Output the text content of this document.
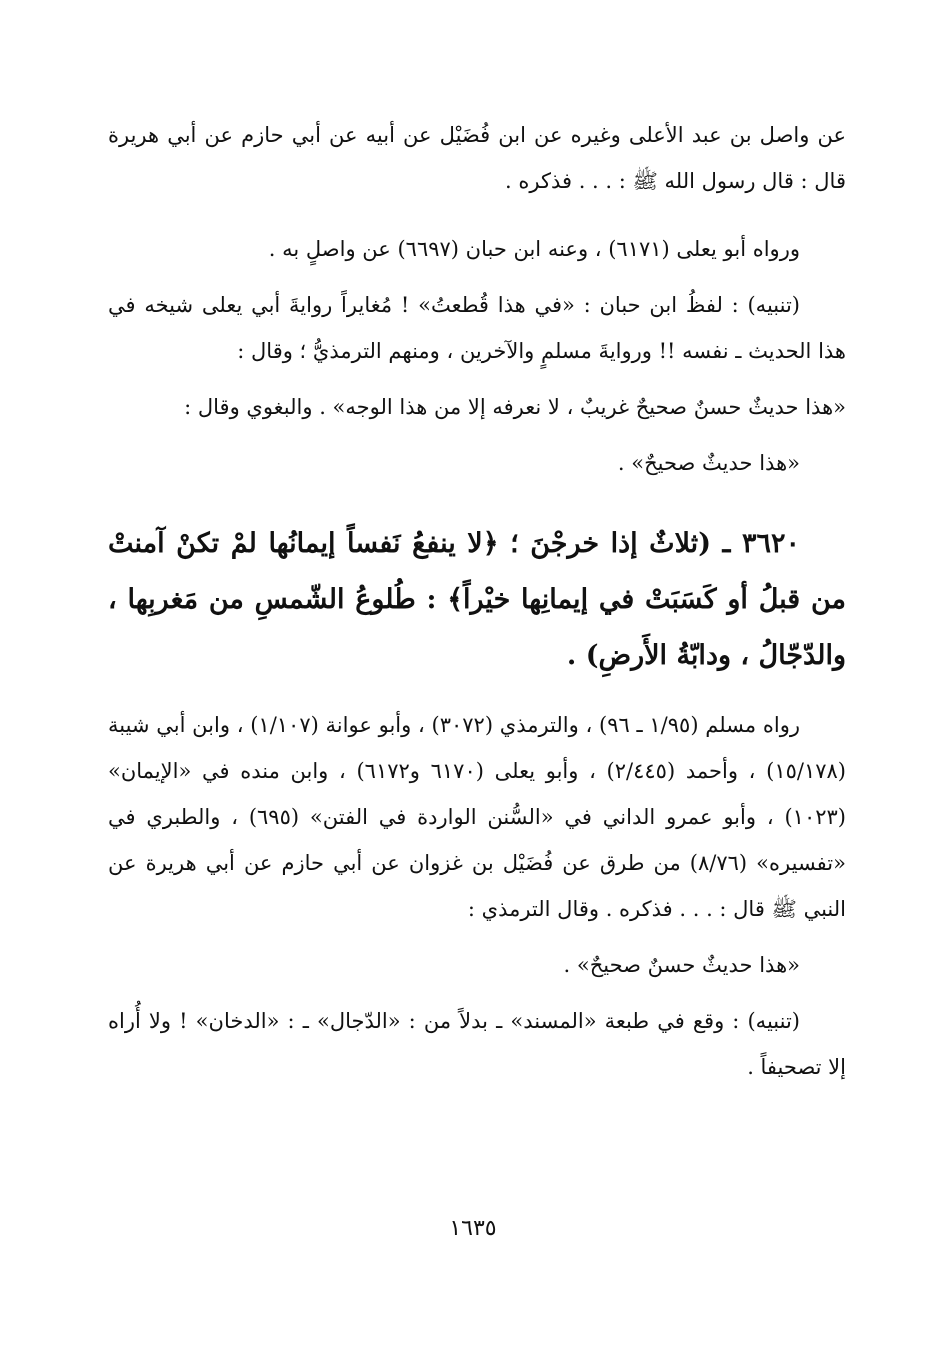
عن واصل بن عبد الأعلى وغيره عن ابن فُضَيْل عن أبيه عن أبي حازم عن أبي هريرة قال : قال رسول الله ﷺ : . . . فذكره .

ورواه أبو يعلى (٦١٧١) ، وعنه ابن حبان (٦٦٩٧) عن واصلٍ به .

(تنبيه) : لفظُ ابن حبان : «في هذا قُطعتُ» ! مُغايراً روايةَ أبي يعلى شيخه في هذا الحديث ـ نفسه !! وروايةَ مسلمٍ والآخرين ، ومنهم الترمذيُّ ؛ وقال :

«هذا حديثٌ حسنٌ صحيحٌ غريبٌ ، لا نعرفه إلا من هذا الوجه» . والبغوي وقال :

«هذا حديثٌ صحيحٌ» .

٣٦٢٠ ـ (ثلاثٌ إذا خرجْنَ ؛ ﴿لا ينفعُ نَفساً إيمانُها لمْ تكنْ آمنتْ من قبلُ أو كَسَبَتْ في إيمانِها خيْراً﴾ : طُلوعُ الشّمسِ من مَغربِها ، والدّجّالُ ، ودابّةُ الأَرضِ) .

رواه مسلم (١/٩٥ ـ ٩٦) ، والترمذي (٣٠٧٢) ، وأبو عوانة (١/١٠٧) ، وابن أبي شيبة (١٥/١٧٨) ، وأحمد (٢/٤٤٥) ، وأبو يعلى (٦١٧٠ و٦١٧٢) ، وابن منده في «الإيمان» (١٠٢٣) ، وأبو عمرو الداني في «السُّنن الواردة في الفتن» (٦٩٥) ، والطبري في «تفسيره» (٨/٧٦) من طرق عن فُضَيْل بن غزوان عن أبي حازم عن أبي هريرة عن النبي ﷺ قال : . . . فذكره . وقال الترمذي :

«هذا حديثٌ حسنٌ صحيحٌ» .

(تنبيه) : وقع في طبعة «المسند» ـ بدلاً من : «الدّجال» ـ : «الدخان» ! ولا أُراه إلا تصحيفاً .

١٦٣٥
